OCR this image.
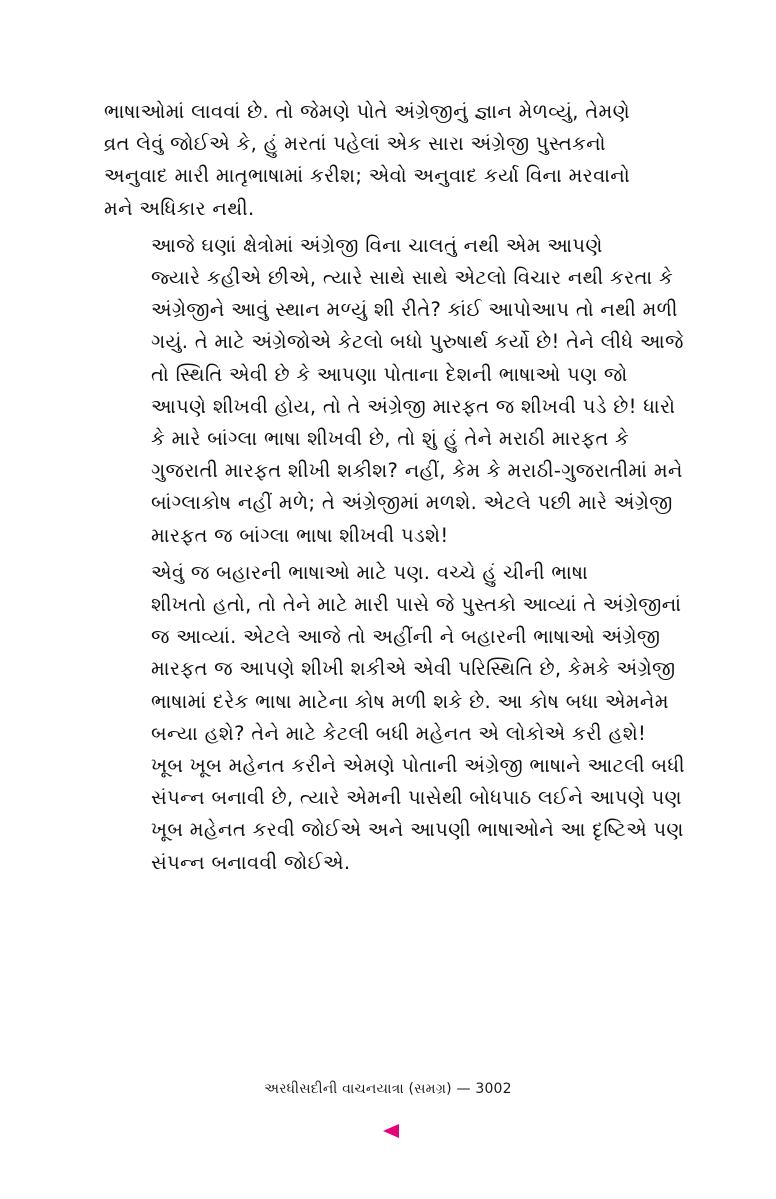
ભાષાઓમાં લાવવાં છે. તો જેમણે પોતે અંગ્રેજીનું જ્ઞાન મેળવ્યું, તેમણે
વ્રત લેવું જોઈએ કે, હું મરતાં પહેલાં એક સારા અંગ્રેજી પુસ્તકનો
અનુવાદ મારી માતૃભાષામાં કરીશ; એવો અનુવાદ કર્યા વિના મરવાનો
મને અધિકાર નથી.

આજે ઘણાં ક્ષેત્રોમાં અંગ્રેજી વિના ચાલતું નથી એમ આપણે
જ્યારે કહીએ છીએ, ત્યારે સાથે સાથે એટલો વિચાર નથી કરતા કે
અંગ્રેજીને આવું સ્થાન મળ્યું શી રીતે? કાંઈ આપોઆપ તો નથી મળી
ગયું. તે માટે અંગ્રેજોએ કેટલો બધો પુરુષાર્થ કર્યો છે! તેને લીધે આજે
તો સ્થિતિ એવી છે કે આપણા પોતાના દેશની ભાષાઓ પણ જો
આપણે શીખવી હોય, તો તે અંગ્રેજી મારફત જ શીખવી પડે છે! ધારો
કે મારે બાંગ્લા ભાષા શીખવી છે, તો શું હું તેને મરાઠી મારફત કે
ગુજરાતી મારફત શીખી શકીશ? નહીં, કેમ કે મરાઠી-ગુજરાતીમાં મને
બાંગ્લાકોષ નહીં મળે; તે અંગ્રેજીમાં મળશે. એટલે પછી મારે અંગ્રેજી
મારફત જ બાંગ્લા ભાષા શીખવી પડશે!

એવું જ બહારની ભાષાઓ માટે પણ. વચ્ચે હું ચીની ભાષા
શીખતો હતો, તો તેને માટે મારી પાસે જે પુસ્તકો આવ્યાં તે અંગ્રેજીનાં
જ આવ્યાં. એટલે આજે તો અહીંની ને બહારની ભાષાઓ અંગ્રેજી
મારફત જ આપણે શીખી શકીએ એવી પરિસ્થિતિ છે, કેમકે અંગ્રેજી
ભાષામાં દરેક ભાષા માટેના કોષ મળી શકે છે. આ કોષ બધા એમનેમ
બન્યા હશે? તેને માટે કેટલી બધી મહેનત એ લોકોએ કરી હશે!
ખૂબ ખૂબ મહેનત કરીને એમણે પોતાની અંગ્રેજી ભાષાને આટલી બધી
સંપન્ન બનાવી છે, ત્યારે એમની પાસેથી બોધપાઠ લઈને આપણે પણ
ખૂબ મહેનત કરવી જોઈએ અને આપણી ભાષાઓને આ દૃષ્ટિએ પણ
સંપન્ન બનાવવી જોઈએ.

અરધીસદીની વાચનયાત્રા (સમગ્ર) — 3002
